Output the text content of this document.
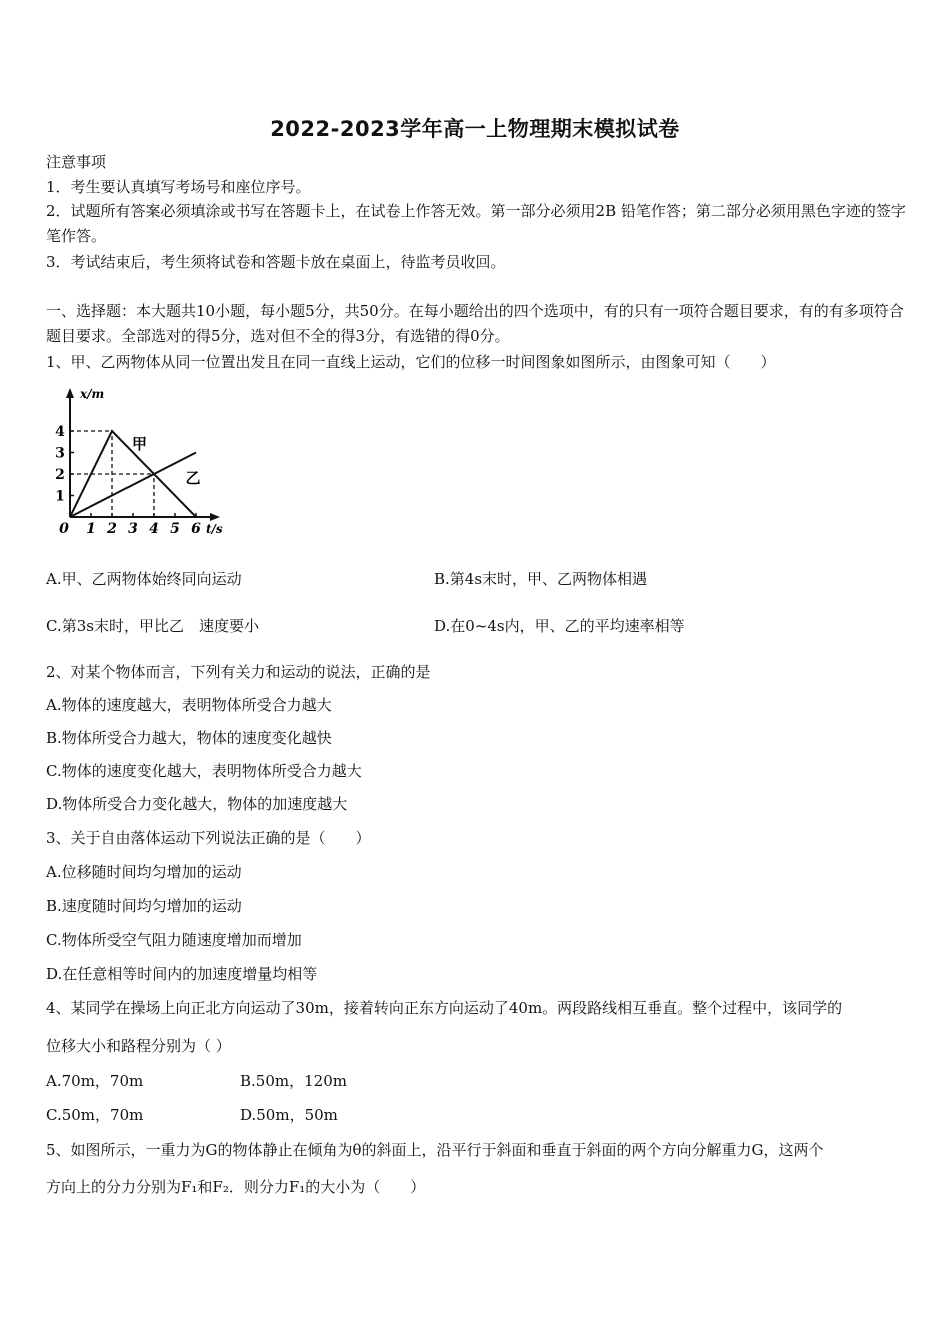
2022-2023学年高一上物理期末模拟试卷
注意事项
1．考生要认真填写考场号和座位序号。
2．试题所有答案必须填涂或书写在答题卡上，在试卷上作答无效。第一部分必须用2B 铅笔作答；第二部分必须用黑色字迹的签字笔作答。
3．考试结束后，考生须将试卷和答题卡放在桌面上，待监考员收回。
一、选择题：本大题共10小题，每小题5分，共50分。在每小题给出的四个选项中，有的只有一项符合题目要求，有的有多项符合题目要求。全部选对的得5分，选对但不全的得3分，有选错的得0分。
1、甲、乙两物体从同一位置出发且在同一直线上运动，它们的位移一时间图象如图所示，由图象可知（　　）
0 1 2 3 4 5 6
1
2
3
4
x/m
t/s
甲
乙
A.甲、乙两物体始终同向运动	B.第4s末时，甲、乙两物体相遇
C.第3s末时，甲比乙　速度要小	D.在0~4s内，甲、乙的平均速率相等
2、对某个物体而言，下列有关力和运动的说法，正确的是
A.物体的速度越大，表明物体所受合力越大
B.物体所受合力越大，物体的速度变化越快
C.物体的速度变化越大，表明物体所受合力越大
D.物体所受合力变化越大，物体的加速度越大
3、关于自由落体运动下列说法正确的是（　　）
A.位移随时间均匀增加的运动
B.速度随时间均匀增加的运动
C.物体所受空气阻力随速度增加而增加
D.在任意相等时间内的加速度增量均相等
4、某同学在操场上向正北方向运动了30m，接着转向正东方向运动了40m。两段路线相互垂直。整个过程中，该同学的
位移大小和路程分别为（ ）
A.70m，70m	B.50m，120m
C.50m，70m	D.50m，50m
5、如图所示，一重力为G的物体静止在倾角为θ的斜面上，沿平行于斜面和垂直于斜面的两个方向分解重力G，这两个
方向上的分力分别为F₁和F₂．则分力F₁的大小为（　　）
